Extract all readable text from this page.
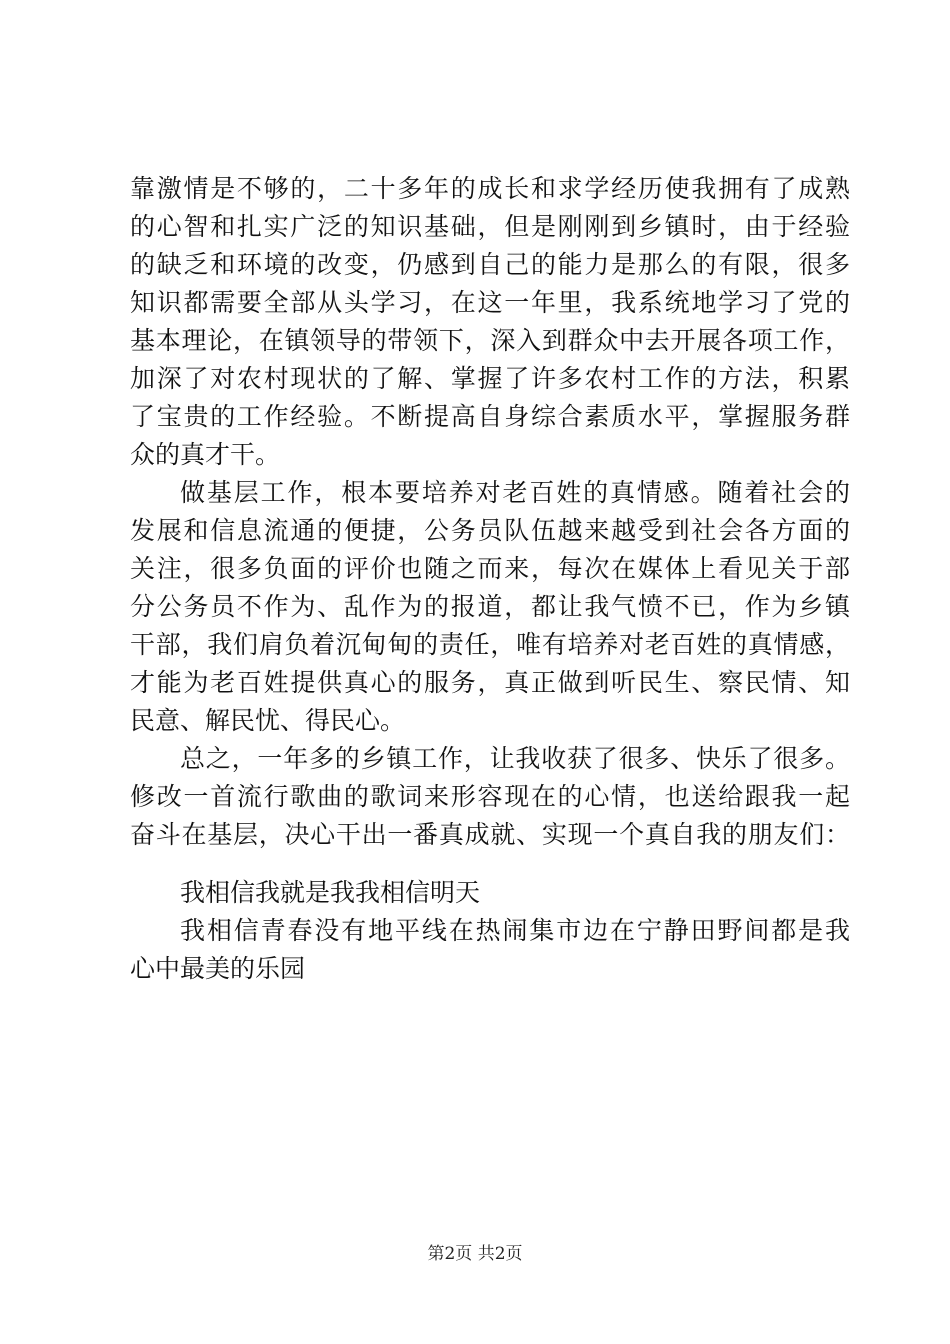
靠激情是不够的，二十多年的成长和求学经历使我拥有了成熟
的心智和扎实广泛的知识基础，但是刚刚到乡镇时，由于经验
的缺乏和环境的改变，仍感到自己的能力是那么的有限，很多
知识都需要全部从头学习，在这一年里，我系统地学习了党的
基本理论，在镇领导的带领下，深入到群众中去开展各项工作，
加深了对农村现状的了解、掌握了许多农村工作的方法，积累
了宝贵的工作经验。不断提高自身综合素质水平，掌握服务群
众的真才干。
做基层工作，根本要培养对老百姓的真情感。随着社会的
发展和信息流通的便捷，公务员队伍越来越受到社会各方面的
关注，很多负面的评价也随之而来，每次在媒体上看见关于部
分公务员不作为、乱作为的报道，都让我气愤不已，作为乡镇
干部，我们肩负着沉甸甸的责任，唯有培养对老百姓的真情感，
才能为老百姓提供真心的服务，真正做到听民生、察民情、知
民意、解民忧、得民心。
总之，一年多的乡镇工作，让我收获了很多、快乐了很多。
修改一首流行歌曲的歌词来形容现在的心情，也送给跟我一起
奋斗在基层，决心干出一番真成就、实现一个真自我的朋友们：
我相信我就是我我相信明天
我相信青春没有地平线在热闹集市边在宁静田野间都是我
心中最美的乐园
第2页 共2页
